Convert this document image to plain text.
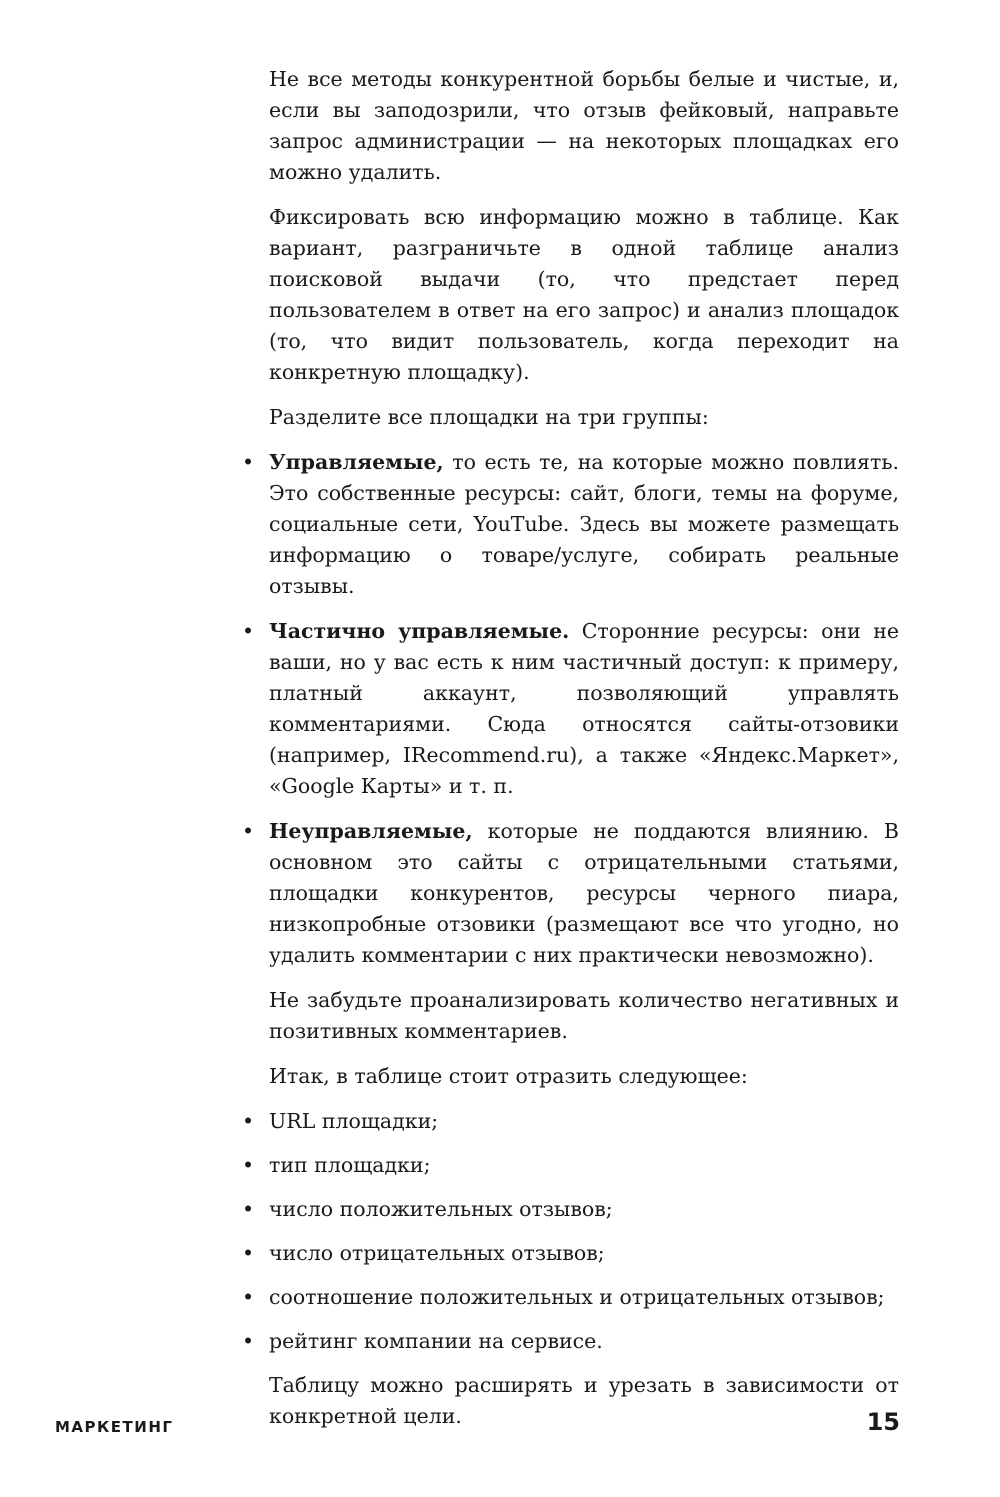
Не все методы конкурентной борьбы белые и чистые, и, если вы заподозрили, что отзыв фейковый, направьте запрос администрации — на некоторых площадках его можно удалить.

Фиксировать всю информацию можно в таблице. Как вариант, разграничьте в одной таблице анализ поисковой выдачи (то, что предстает перед пользователем в ответ на его запрос) и анализ площадок (то, что видит пользователь, когда переходит на конкретную площадку).

Разделите все площадки на три группы:

• Управляемые, то есть те, на которые можно повлиять. Это собственные ресурсы: сайт, блоги, темы на форуме, социальные сети, YouTube. Здесь вы можете размещать информацию о товаре/услуге, собирать реальные отзывы.
• Частично управляемые. Сторонние ресурсы: они не ваши, но у вас есть к ним частичный доступ: к примеру, платный аккаунт, позволяющий управлять комментариями. Сюда относятся сайты-отзовики (например, IRecommend.ru), а также «Яндекс.Маркет», «Google Карты» и т. п.
• Неуправляемые, которые не поддаются влиянию. В основном это сайты с отрицательными статьями, площадки конкурентов, ресурсы черного пиара, низкопробные отзовики (размещают все что угодно, но удалить комментарии с них практически невозможно).

Не забудьте проанализировать количество негативных и позитивных комментариев.

Итак, в таблице стоит отразить следующее:

• URL площадки;
• тип площадки;
• число положительных отзывов;
• число отрицательных отзывов;
• соотношение положительных и отрицательных отзывов;
• рейтинг компании на сервисе.

Таблицу можно расширять и урезать в зависимости от конкретной цели.

МАРКЕТИНГ	15
